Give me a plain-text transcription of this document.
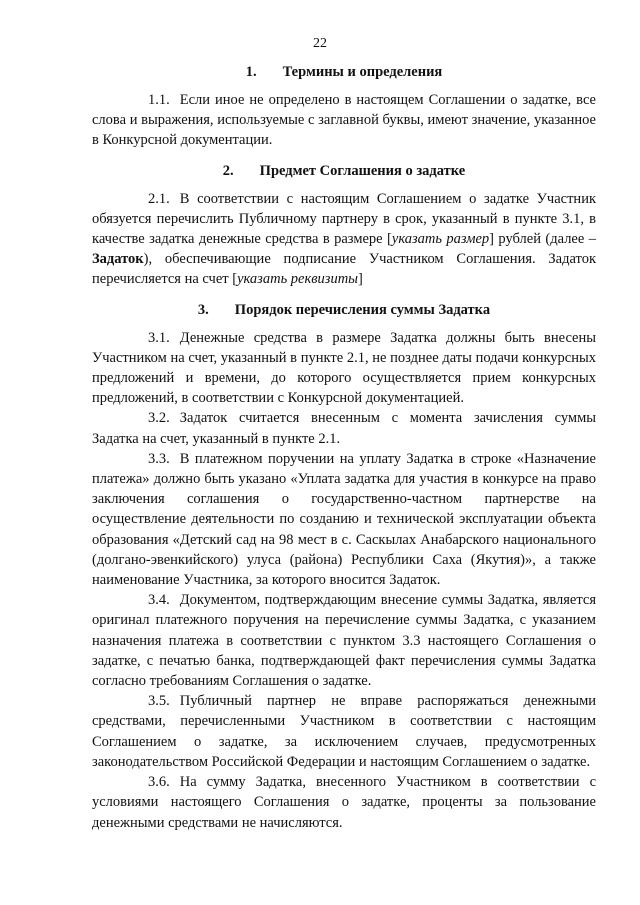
22
1. Термины и определения

1.1. Если иное не определено в настоящем Соглашении о задатке, все слова и выражения, используемые с заглавной буквы, имеют значение, указанное в Конкурсной документации.

2. Предмет Соглашения о задатке

2.1. В соответствии с настоящим Соглашением о задатке Участник обязуется перечислить Публичному партнеру в срок, указанный в пункте 3.1, в качестве задатка денежные средства в размере [указать размер] рублей (далее – Задаток), обеспечивающие подписание Участником Соглашения. Задаток перечисляется на счет [указать реквизиты]

3. Порядок перечисления суммы Задатка

3.1. Денежные средства в размере Задатка должны быть внесены Участником на счет, указанный в пункте 2.1, не позднее даты подачи конкурсных предложений и времени, до которого осуществляется прием конкурсных предложений, в соответствии с Конкурсной документацией.

3.2. Задаток считается внесенным с момента зачисления суммы Задатка на счет, указанный в пункте 2.1.

3.3. В платежном поручении на уплату Задатка в строке «Назначение платежа» должно быть указано «Уплата задатка для участия в конкурсе на право заключения соглашения о государственно-частном партнерстве на осуществление деятельности по созданию и технической эксплуатации объекта образования «Детский сад на 98 мест в с. Саскылах Анабарского национального (долгано-эвенкийского) улуса (района) Республики Саха (Якутия)», а также наименование Участника, за которого вносится Задаток.

3.4. Документом, подтверждающим внесение суммы Задатка, является оригинал платежного поручения на перечисление суммы Задатка, с указанием назначения платежа в соответствии с пунктом 3.3 настоящего Соглашения о задатке, с печатью банка, подтверждающей факт перечисления суммы Задатка согласно требованиям Соглашения о задатке.

3.5. Публичный партнер не вправе распоряжаться денежными средствами, перечисленными Участником в соответствии с настоящим Соглашением о задатке, за исключением случаев, предусмотренных законодательством Российской Федерации и настоящим Соглашением о задатке.

3.6. На сумму Задатка, внесенного Участником в соответствии с условиями настоящего Соглашения о задатке, проценты за пользование денежными средствами не начисляются.
